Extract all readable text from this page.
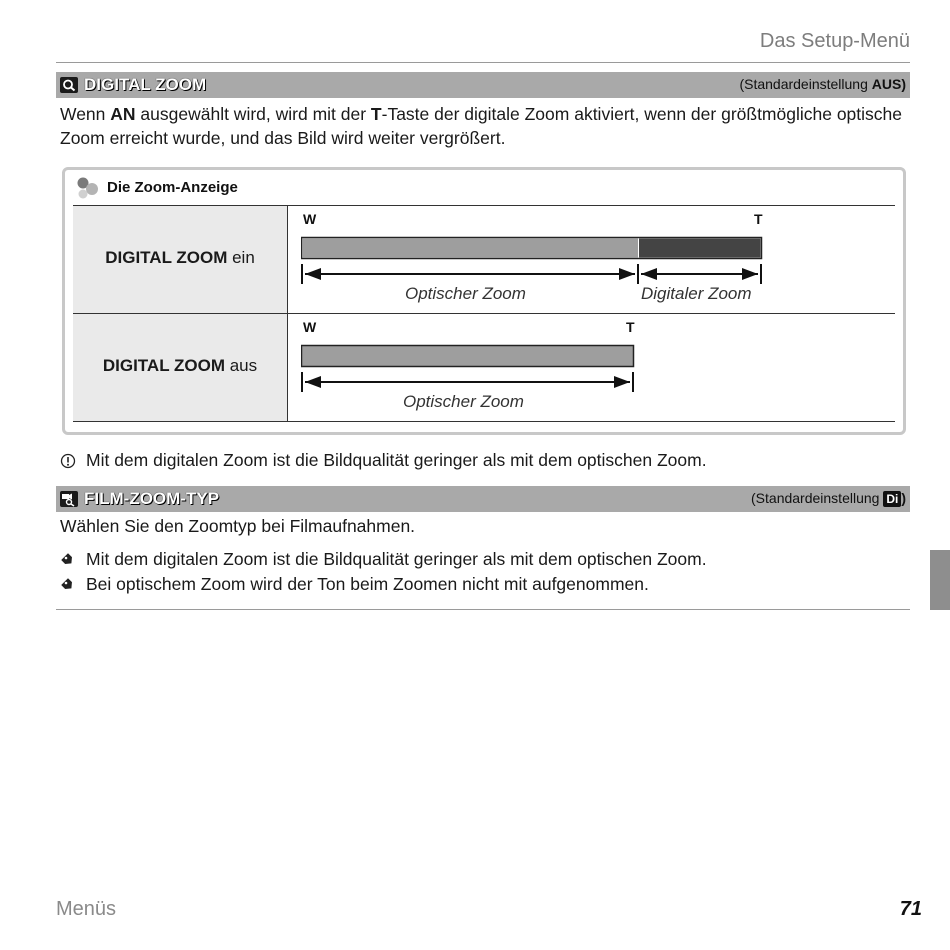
Das Setup-Menü
DIGITAL ZOOM	(Standardeinstellung AUS)
Wenn AN ausgewählt wird, wird mit der T-Taste der digitale Zoom aktiviert, wenn der größtmögliche optische Zoom erreicht wurde, und das Bild wird weiter vergrößert.
Die Zoom-Anzeige
DIGITAL ZOOM ein
W	T
Optischer Zoom	Digitaler Zoom
DIGITAL ZOOM aus
W	T
Optischer Zoom
Mit dem digitalen Zoom ist die Bildqualität geringer als mit dem optischen Zoom.
FILM-ZOOM-TYP	(Standardeinstellung Di )
Wählen Sie den Zoomtyp bei Filmaufnahmen.
Mit dem digitalen Zoom ist die Bildqualität geringer als mit dem optischen Zoom.
Bei optischem Zoom wird der Ton beim Zoomen nicht mit aufgenommen.
Menüs	71
